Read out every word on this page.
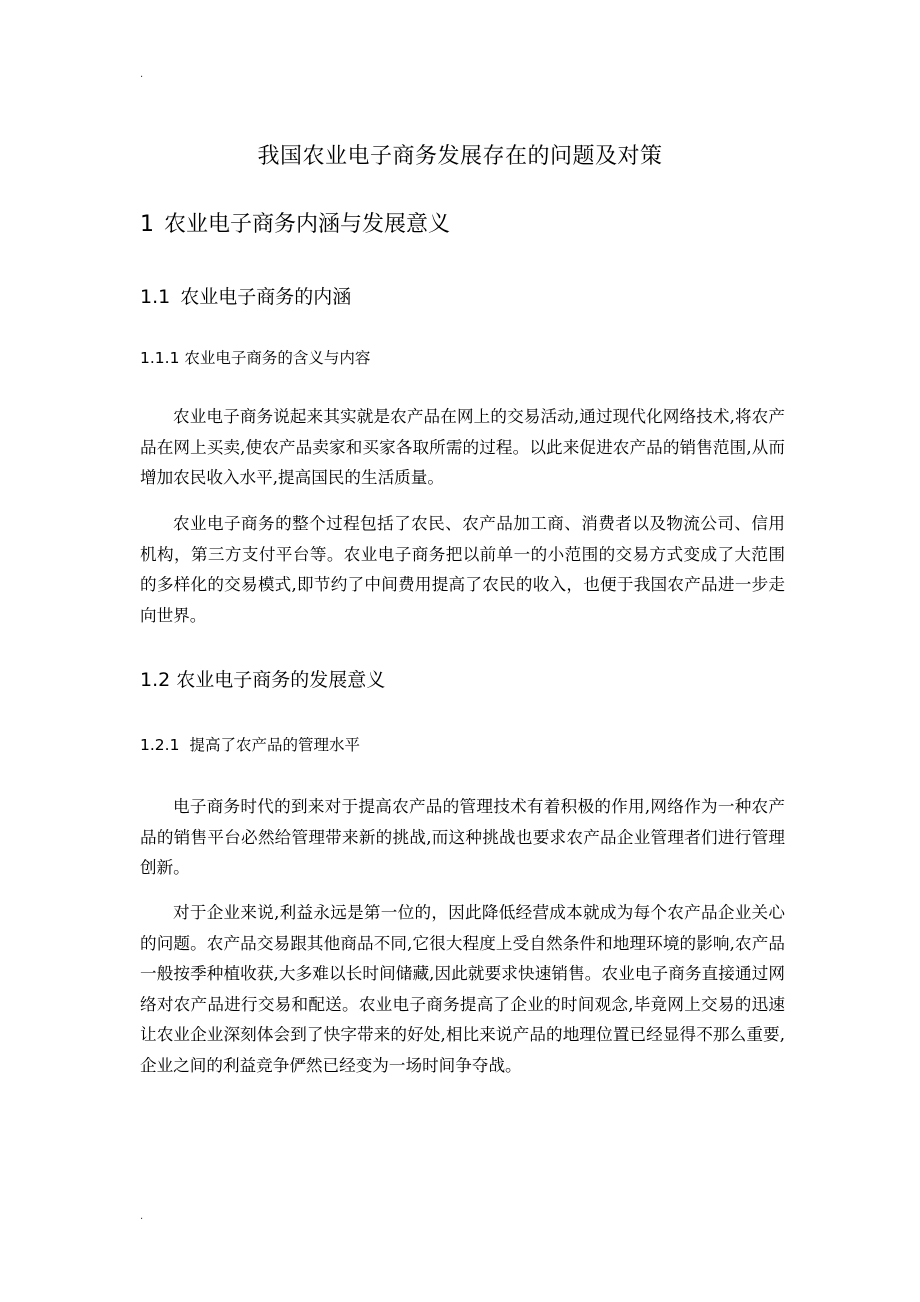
.
我国农业电子商务发展存在的问题及对策
1 农业电子商务内涵与发展意义
1.1 农业电子商务的内涵
1.1.1 农业电子商务的含义与内容

农业电子商务说起来其实就是农产品在网上的交易活动,通过现代化网络技术,将农产品在网上买卖,使农产品卖家和买家各取所需的过程。以此来促进农产品的销售范围,从而增加农民收入水平,提高国民的生活质量。

农业电子商务的整个过程包括了农民、农产品加工商、消费者以及物流公司、信用机构，第三方支付平台等。农业电子商务把以前单一的小范围的交易方式变成了大范围的多样化的交易模式,即节约了中间费用提高了农民的收入，也便于我国农产品进一步走向世界。

1.2 农业电子商务的发展意义
1.2.1 提高了农产品的管理水平

电子商务时代的到来对于提高农产品的管理技术有着积极的作用,网络作为一种农产品的销售平台必然给管理带来新的挑战,而这种挑战也要求农产品企业管理者们进行管理创新。

对于企业来说,利益永远是第一位的，因此降低经营成本就成为每个农产品企业关心的问题。农产品交易跟其他商品不同,它很大程度上受自然条件和地理环境的影响,农产品一般按季种植收获,大多难以长时间储藏,因此就要求快速销售。农业电子商务直接通过网络对农产品进行交易和配送。农业电子商务提高了企业的时间观念,毕竟网上交易的迅速让农业企业深刻体会到了快字带来的好处,相比来说产品的地理位置已经显得不那么重要,企业之间的利益竞争俨然已经变为一场时间争夺战。

.
